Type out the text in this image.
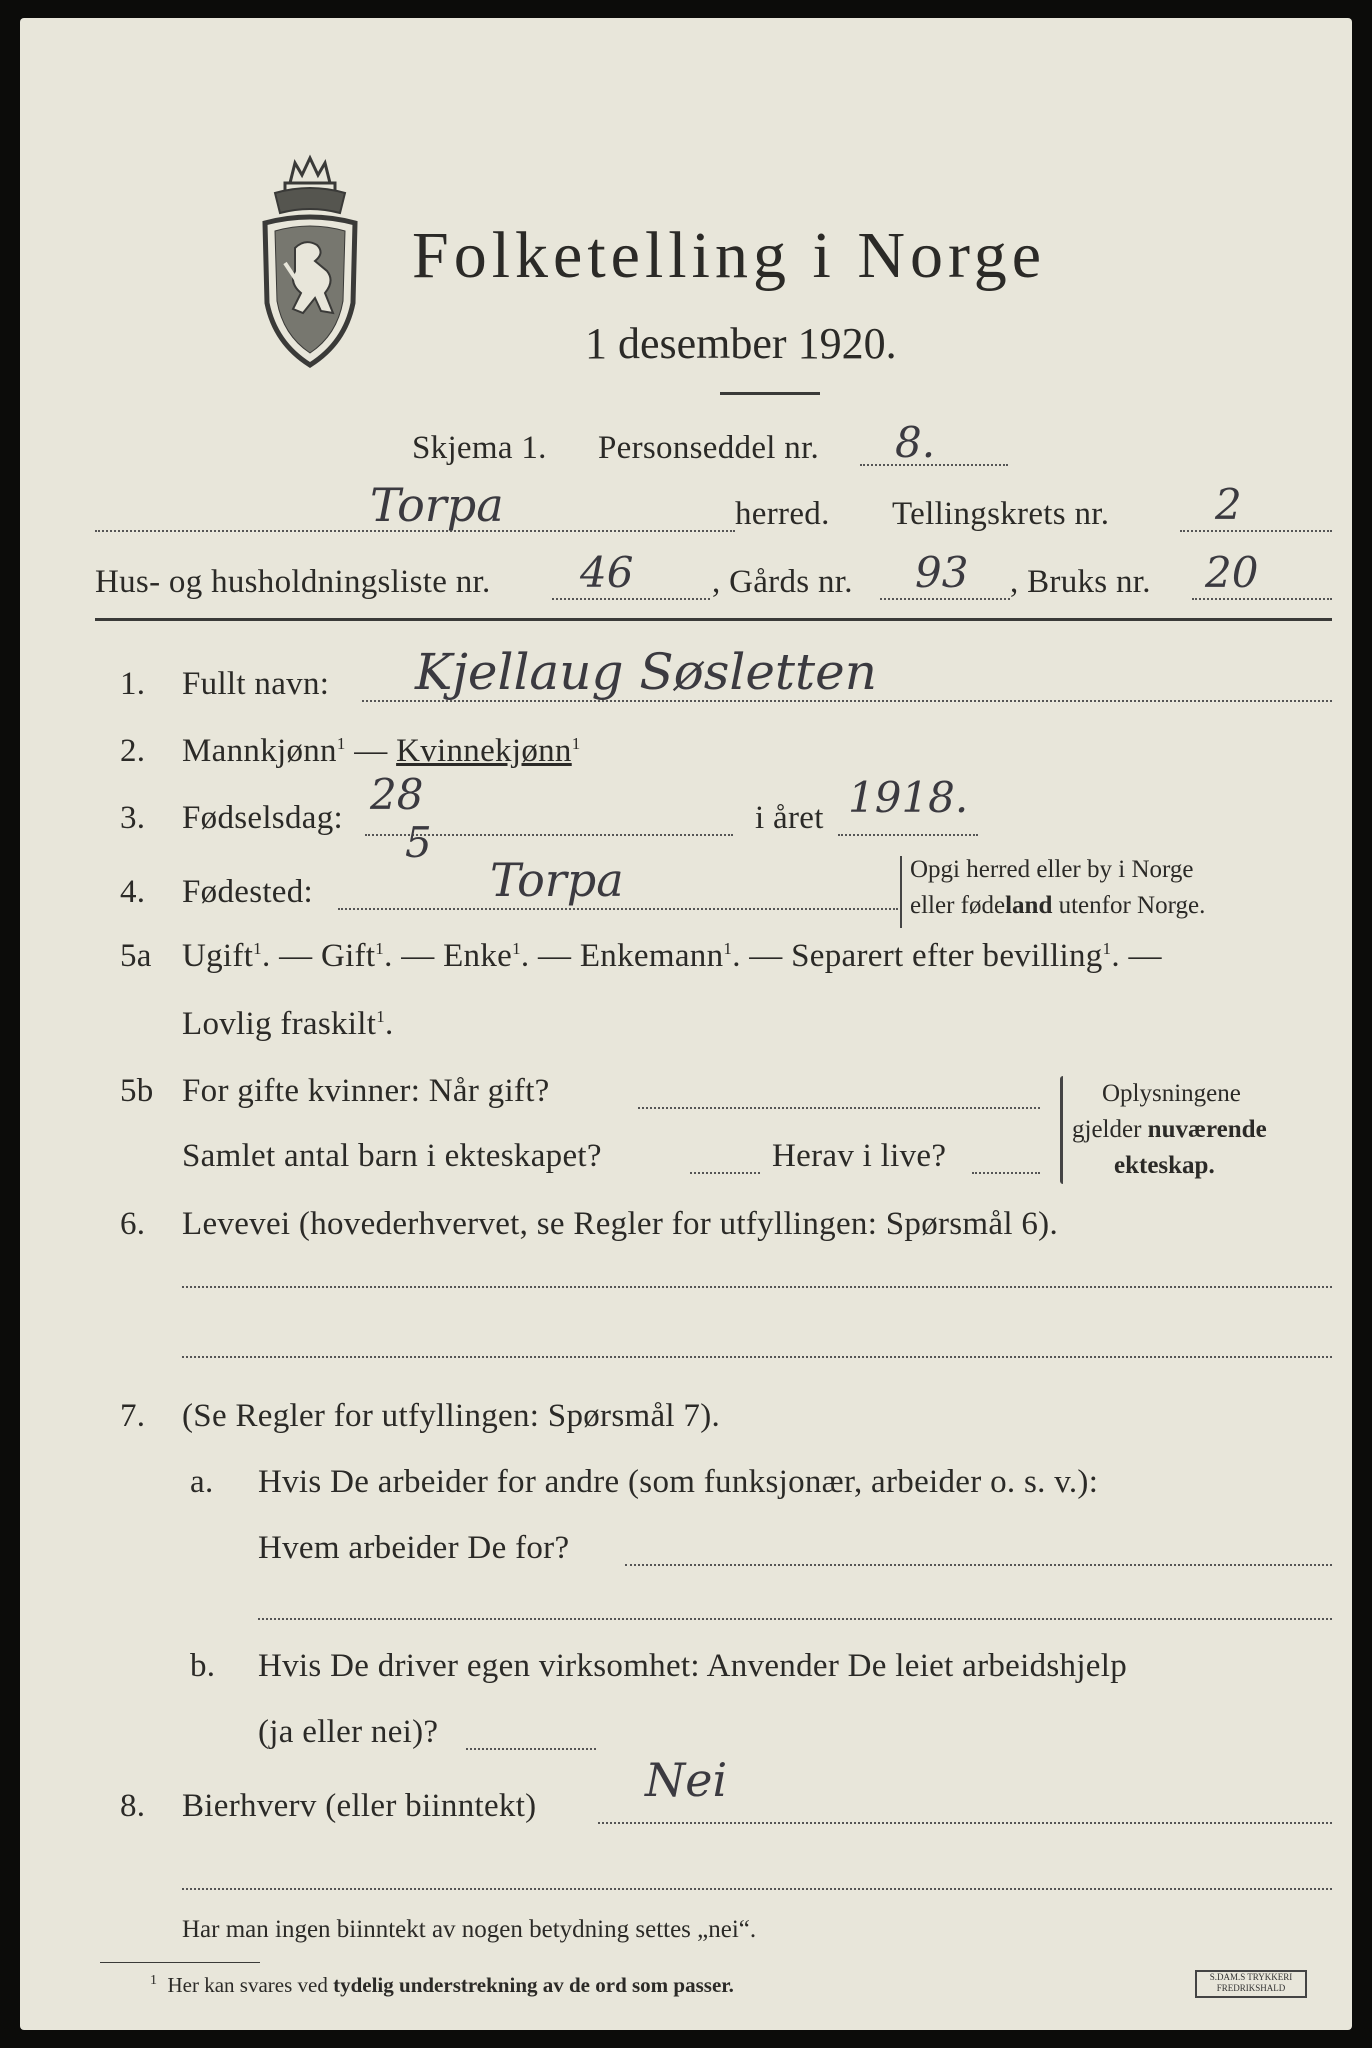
Folketelling i Norge
1 desember 1920.
Skjema 1. Personseddel nr. 8.
Torpa	herred. Tellingskrets nr.	2
Hus- og husholdningsliste nr. 46 , Gårds nr. 93 , Bruks nr. 20
1. Fullt navn: Kjellaug Søsletten
2. Mannkjønn$^1$ — Kvinnekjønn$^1$
3. Fødselsdag: 28
5	i året 1918.
4. Fødested:	Torpa	Opgi herred eller by i Norge
eller fødeland utenfor Norge.
5a Ugift$^1$. — Gift$^1$. — Enke$^1$. — Enkemann$^1$. — Separert efter bevilling$^1$. —
Lovlig fraskilt$^1$.
5b For gifte kvinner: Når gift?
Samlet antal barn i ekteskapet?	Herav i live?
Oplysningene
gjelder nuværende
ekteskap.
6. Levevei (hovederhvervet, se Regler for utfyllingen: Spørsmål 6).
7. (Se Regler for utfyllingen: Spørsmål 7).
a. Hvis De arbeider for andre (som funksjonær, arbeider o. s. v.):
Hvem arbeider De for?
b. Hvis De driver egen virksomhet: Anvender De leiet arbeidshjelp
(ja eller nei)?
8. Bierhverv (eller biinntekt) Nei
Har man ingen biinntekt av nogen betydning settes „nei“.
$^1$ Her kan svares ved tydelig understrekning av de ord som passer.	S.DAM.S TRYKKERI
FREDRIKSHALD
